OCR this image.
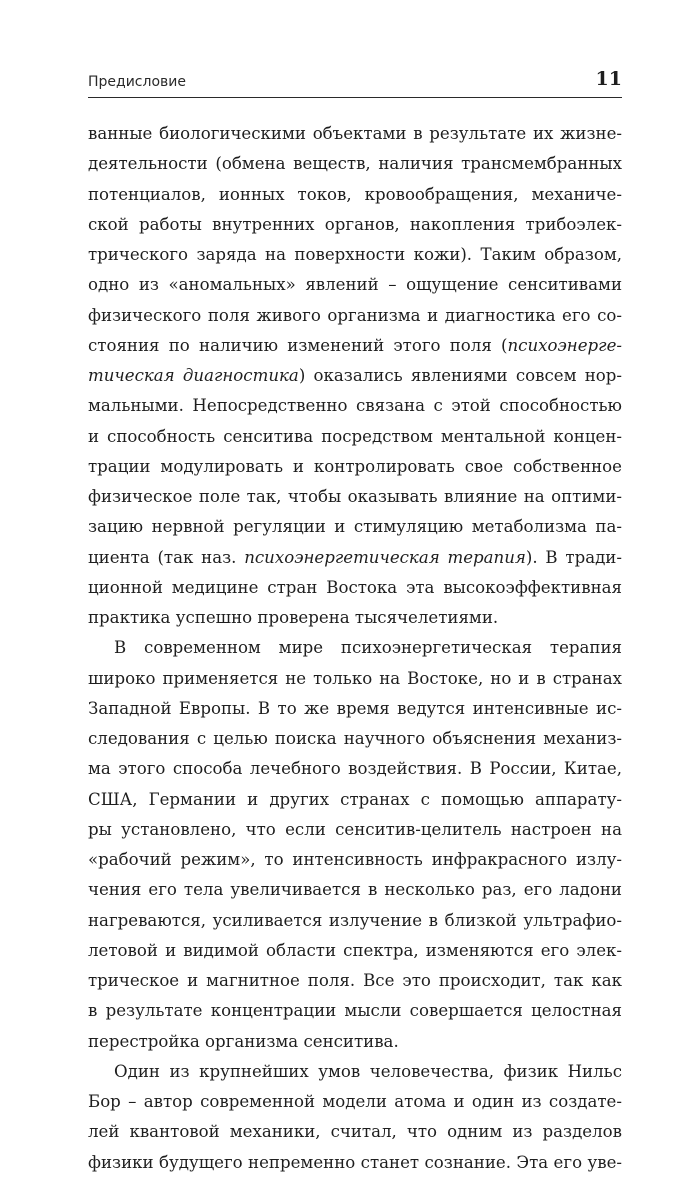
Предисловие	11
ванные биологическими объектами в результате их жизне-
деятельности (обмена веществ, наличия трансмембранных
потенциалов, ионных токов, кровообращения, механиче-
ской работы внутренних органов, накопления трибоэлек-
трического заряда на поверхности кожи). Таким образом,
одно из «аномальных» явлений – ощущение сенситивами
физического поля живого организма и диагностика его со-
стояния по наличию изменений этого поля (психоэнерге-
тическая диагностика) оказались явлениями совсем нор-
мальными. Непосредственно связана с этой способностью
и способность сенситива посредством ментальной концен-
трации модулировать и контролировать свое собственное
физическое поле так, чтобы оказывать влияние на оптими-
зацию нервной регуляции и стимуляцию метаболизма па-
циента (так наз. психоэнергетическая терапия). В тради-
ционной медицине стран Востока эта высокоэффективная
практика успешно проверена тысячелетиями.
В современном мире психоэнергетическая терапия
широко применяется не только на Востоке, но и в странах
Западной Европы. В то же время ведутся интенсивные ис-
следования с целью поиска научного объяснения механиз-
ма этого способа лечебного воздействия. В России, Китае,
США, Германии и других странах с помощью аппарату-
ры установлено, что если сенситив-целитель настроен на
«рабочий режим», то интенсивность инфракрасного излу-
чения его тела увеличивается в несколько раз, его ладони
нагреваются, усиливается излучение в близкой ультрафио-
летовой и видимой области спектра, изменяются его элек-
трическое и магнитное поля. Все это происходит, так как
в результате концентрации мысли совершается целостная
перестройка организма сенситива.
Один из крупнейших умов человечества, физик Нильс
Бор – автор современной модели атома и один из создате-
лей квантовой механики, считал, что одним из разделов
физики будущего непременно станет сознание. Эта его уве-
